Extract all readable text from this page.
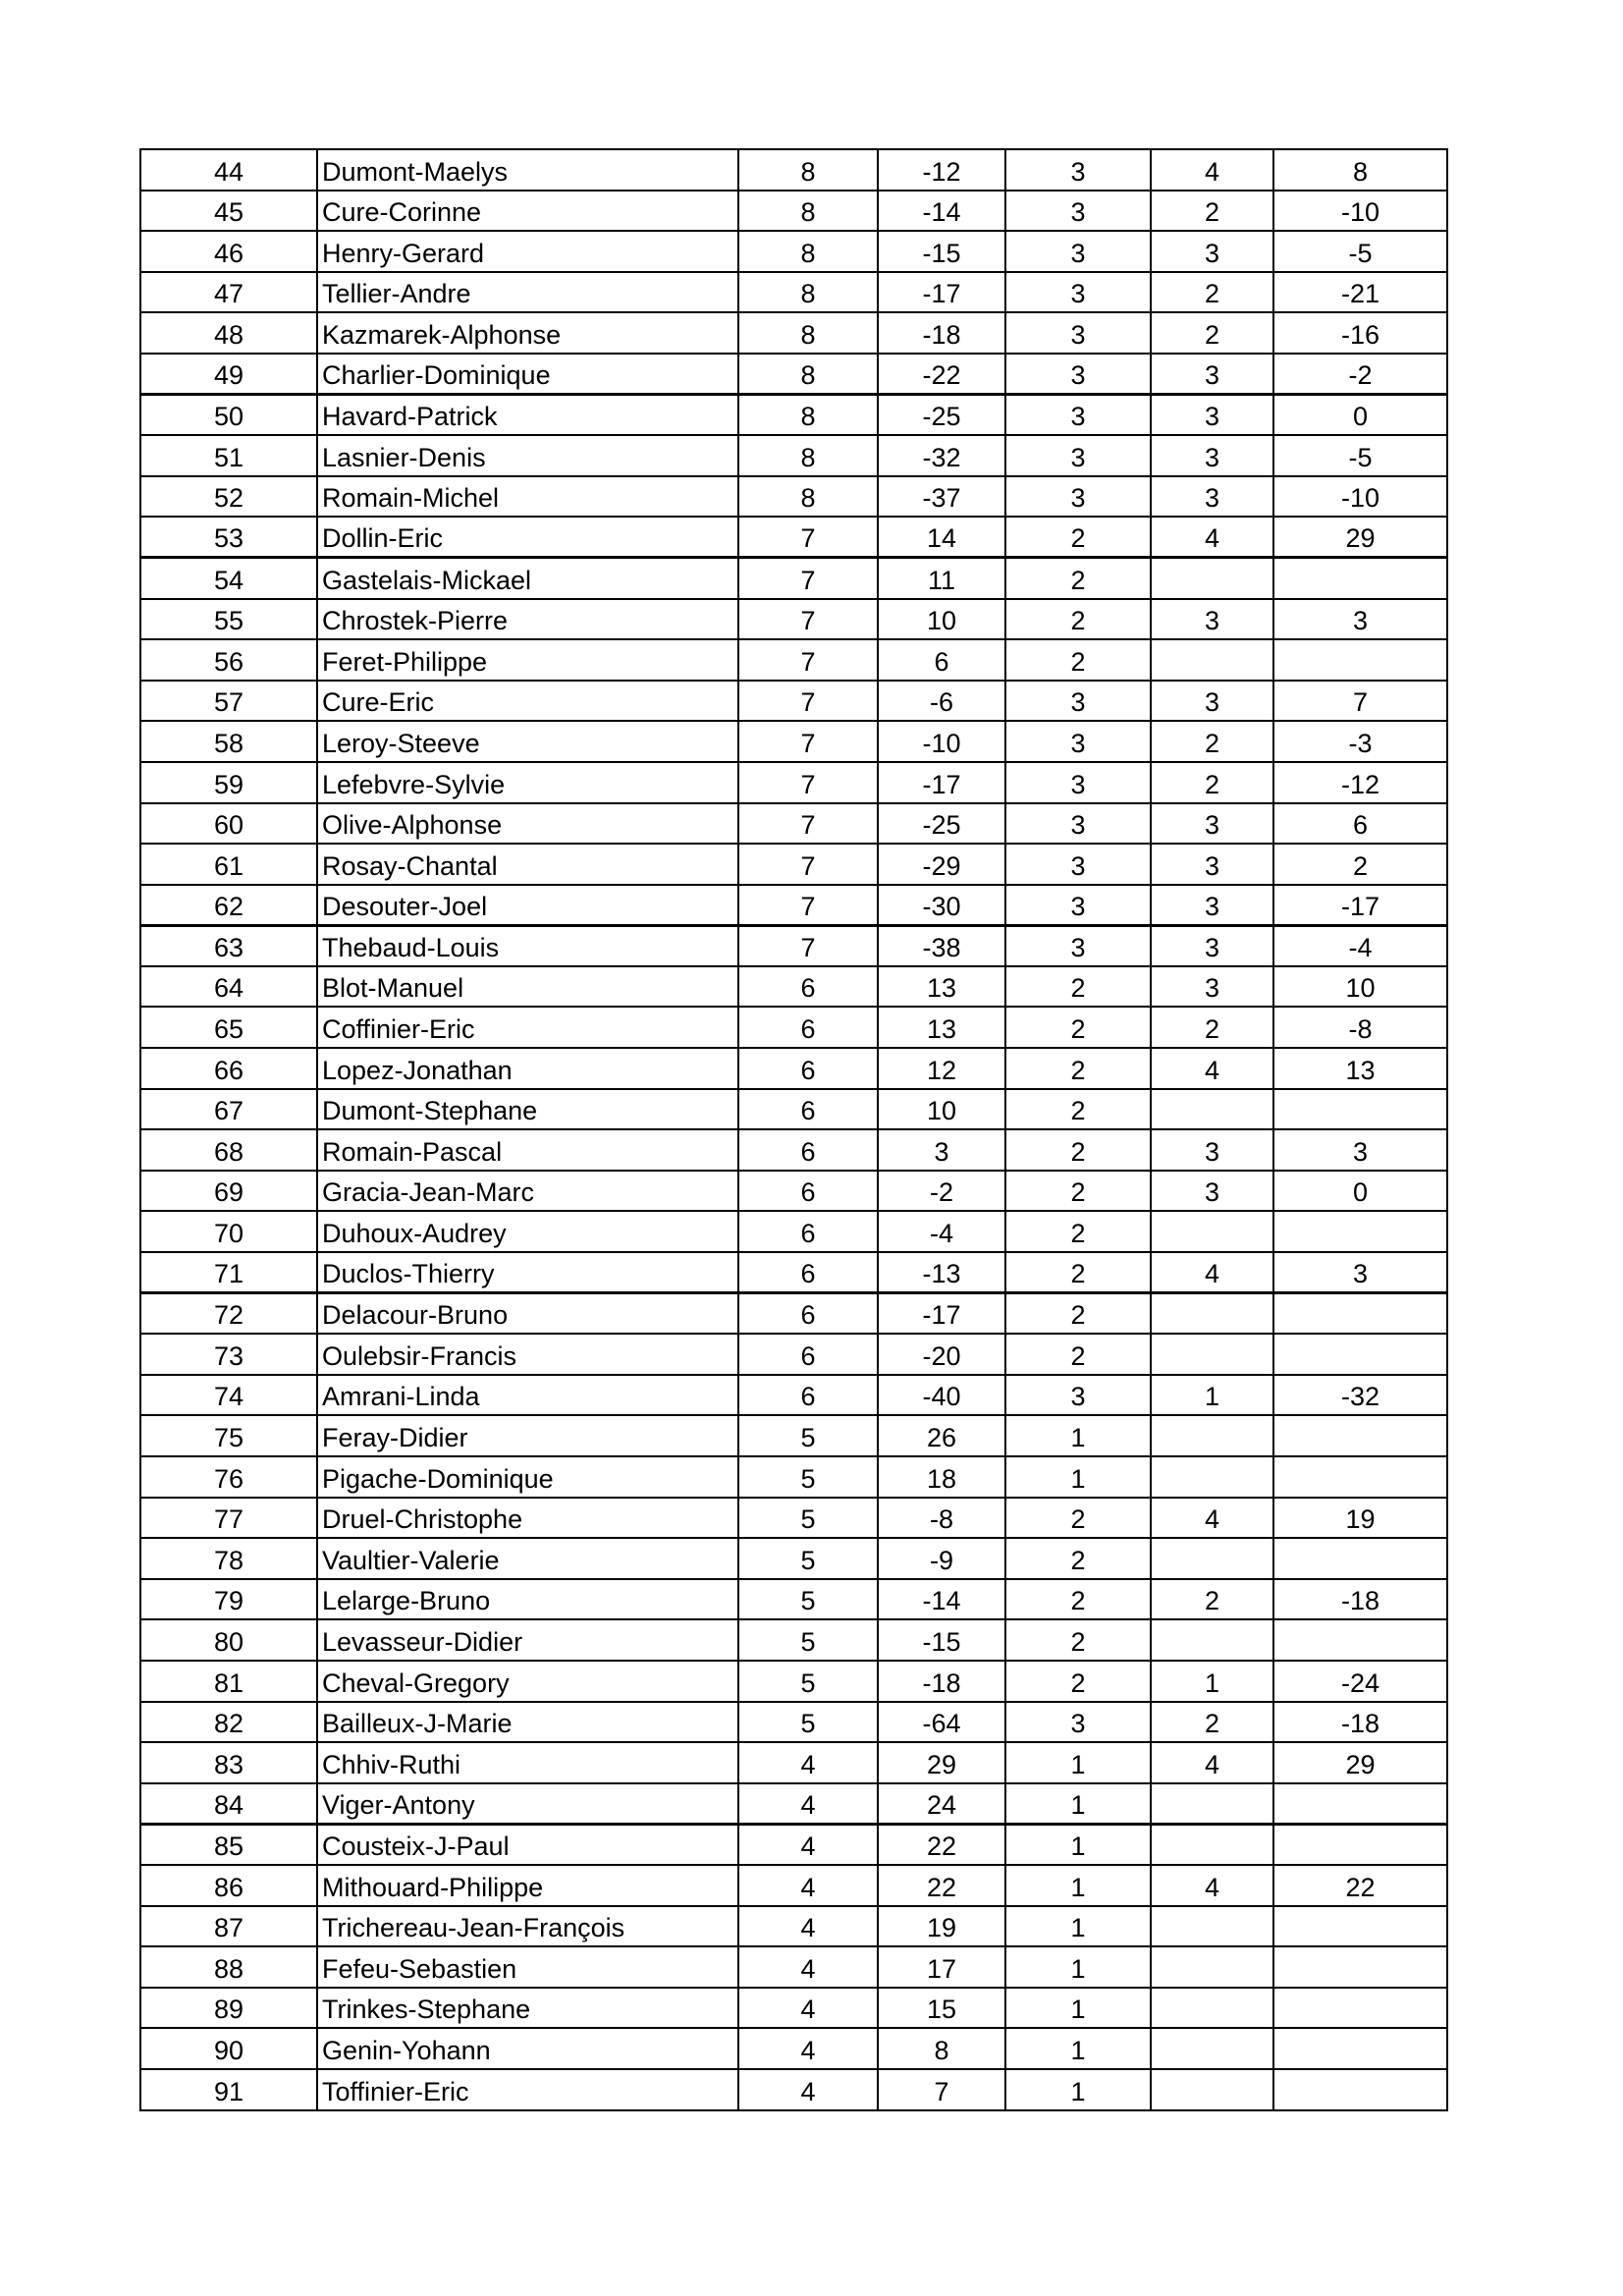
44	Dumont-Maelys	8	-12	3	4	8
45	Cure-Corinne	8	-14	3	2	-10
46	Henry-Gerard	8	-15	3	3	-5
47	Tellier-Andre	8	-17	3	2	-21
48	Kazmarek-Alphonse	8	-18	3	2	-16
49	Charlier-Dominique	8	-22	3	3	-2
50	Havard-Patrick	8	-25	3	3	0
51	Lasnier-Denis	8	-32	3	3	-5
52	Romain-Michel	8	-37	3	3	-10
53	Dollin-Eric	7	14	2	4	29
54	Gastelais-Mickael	7	11	2		
55	Chrostek-Pierre	7	10	2	3	3
56	Feret-Philippe	7	6	2		
57	Cure-Eric	7	-6	3	3	7
58	Leroy-Steeve	7	-10	3	2	-3
59	Lefebvre-Sylvie	7	-17	3	2	-12
60	Olive-Alphonse	7	-25	3	3	6
61	Rosay-Chantal	7	-29	3	3	2
62	Desouter-Joel	7	-30	3	3	-17
63	Thebaud-Louis	7	-38	3	3	-4
64	Blot-Manuel	6	13	2	3	10
65	Coffinier-Eric	6	13	2	2	-8
66	Lopez-Jonathan	6	12	2	4	13
67	Dumont-Stephane	6	10	2		
68	Romain-Pascal	6	3	2	3	3
69	Gracia-Jean-Marc	6	-2	2	3	0
70	Duhoux-Audrey	6	-4	2		
71	Duclos-Thierry	6	-13	2	4	3
72	Delacour-Bruno	6	-17	2		
73	Oulebsir-Francis	6	-20	2		
74	Amrani-Linda	6	-40	3	1	-32
75	Feray-Didier	5	26	1		
76	Pigache-Dominique	5	18	1		
77	Druel-Christophe	5	-8	2	4	19
78	Vaultier-Valerie	5	-9	2		
79	Lelarge-Bruno	5	-14	2	2	-18
80	Levasseur-Didier	5	-15	2		
81	Cheval-Gregory	5	-18	2	1	-24
82	Bailleux-J-Marie	5	-64	3	2	-18
83	Chhiv-Ruthi	4	29	1	4	29
84	Viger-Antony	4	24	1		
85	Cousteix-J-Paul	4	22	1		
86	Mithouard-Philippe	4	22	1	4	22
87	Trichereau-Jean-François	4	19	1		
88	Fefeu-Sebastien	4	17	1		
89	Trinkes-Stephane	4	15	1		
90	Genin-Yohann	4	8	1		
91	Toffinier-Eric	4	7	1		
